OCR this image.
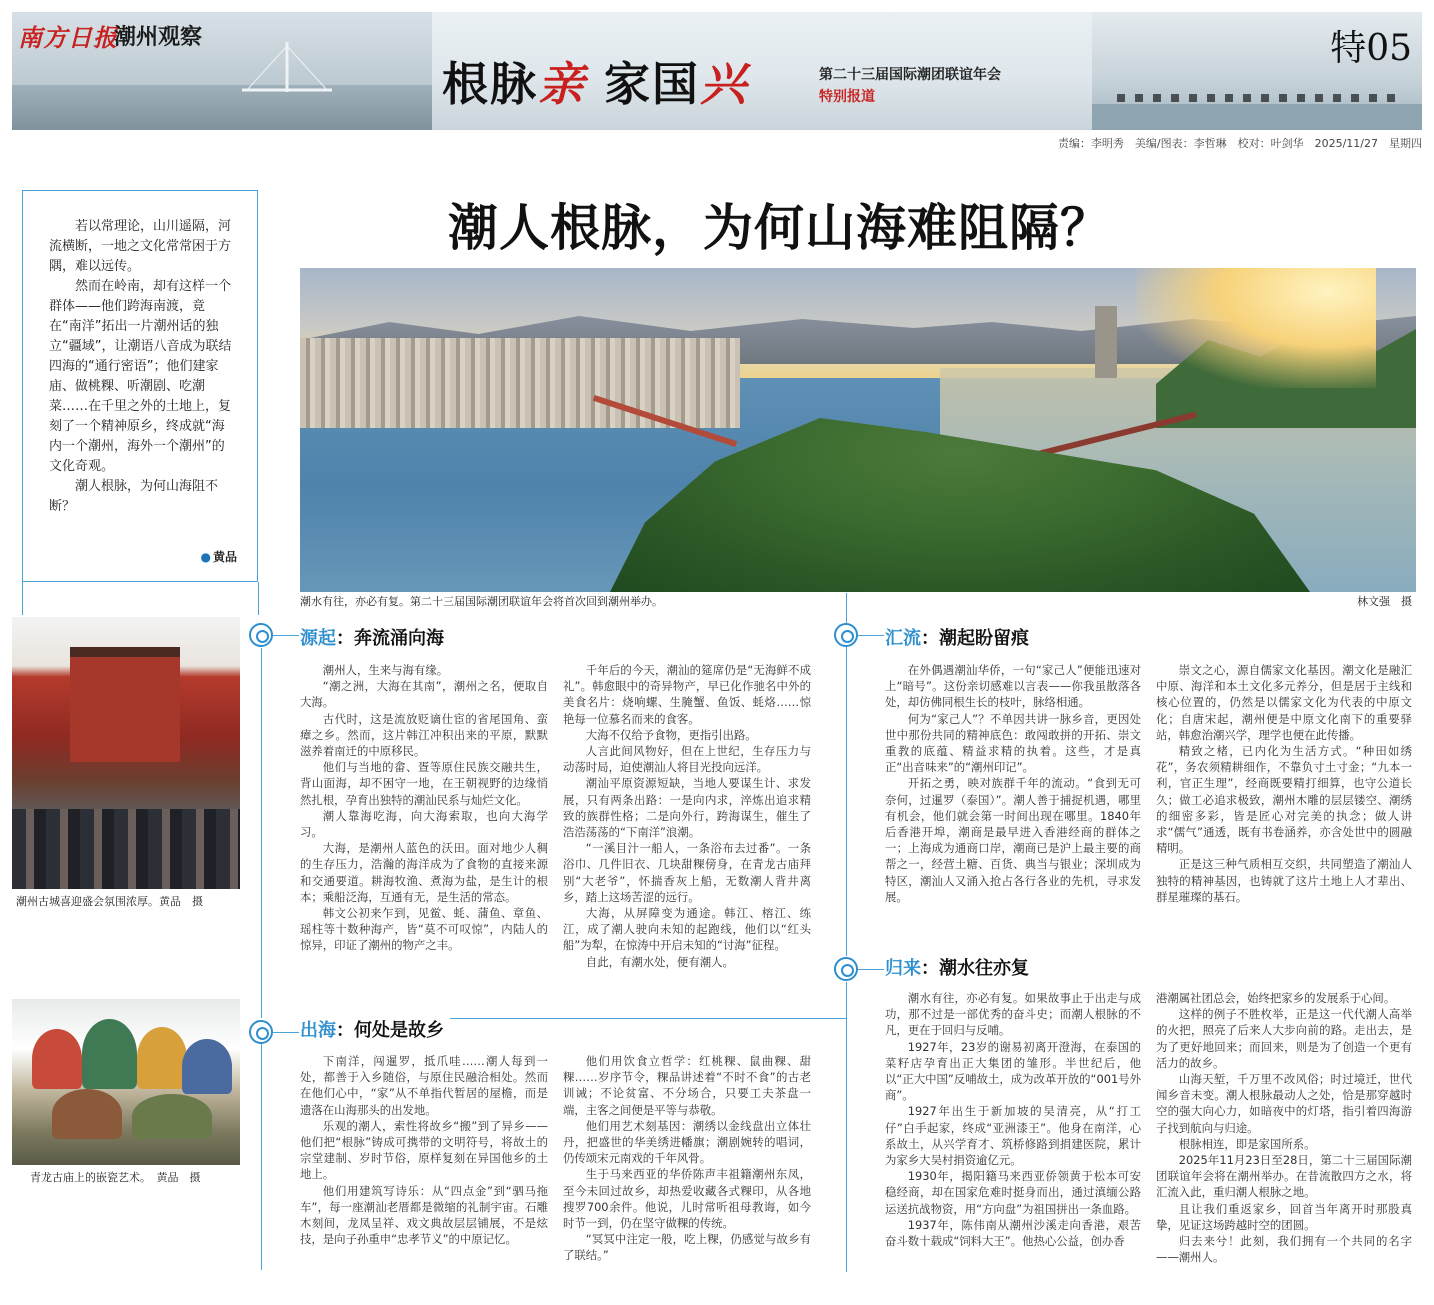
南方日报
潮州观察
根脉亲 家国兴	第二十三届国际潮团联谊年会
特别报道
特05
责编：李明秀　美编/图表：李哲琳　校对：叶剑华　2025/11/27　星期四

若以常理论，山川遥隔，河流横断，一地之文化常常困于方隅，难以远传。

然而在岭南，却有这样一个群体——他们跨海南渡，竟在“南洋”拓出一片潮州话的独立“疆域”，让潮语八音成为联结四海的“通行密语”；他们建家庙、做桃粿、听潮剧、吃潮菜……在千里之外的土地上，复刻了一个精神原乡，终成就“海内一个潮州，海外一个潮州”的文化奇观。

潮人根脉，为何山海阻不断？

● 黄品
潮州古城喜迎盛会氛围浓厚。黄品　摄
青龙古庙上的嵌瓷艺术。　黄品　摄
潮人根脉，为何山海难阻隔？
潮水有往，亦必有复。第二十三届国际潮团联谊年会将首次回到潮州举办。	林文强　摄
源起：奔流涌向海

潮州人，生来与海有缘。

“潮之洲，大海在其南”，潮州之名，便取自大海。

古代时，这是流放贬谪仕宦的省尾国角、蛮瘴之乡。然而，这片韩江冲积出来的平原，默默滋养着南迁的中原移民。

他们与当地的畲、疍等原住民族交融共生，背山面海，却不困守一地，在王朝视野的边缘悄然扎根，孕育出独特的潮汕民系与灿烂文化。

潮人靠海吃海，向大海索取，也向大海学习。

大海，是潮州人蓝色的沃田。面对地少人稠的生存压力，浩瀚的海洋成为了食物的直接来源和交通要道。耕海牧渔、煮海为盐，是生计的根本；乘船泛海，互通有无，是生活的常态。

韩文公初来乍到，见鲎、蚝、蒲鱼、章鱼、瑶柱等十数种海产，皆“莫不可叹惊”，内陆人的惊异，印证了潮州的物产之丰。

千年后的今天，潮汕的筵席仍是“无海鲜不成礼”。韩愈眼中的奇异物产，早已化作驰名中外的美食名片：烧响螺、生腌蟹、鱼饭、蚝烙……惊艳每一位慕名而来的食客。

大海不仅给予食物，更指引出路。

人言此间风物好，但在上世纪，生存压力与动荡时局，迫使潮汕人将目光投向远洋。

潮汕平原资源短缺，当地人要谋生计、求发展，只有两条出路：一是向内求，淬炼出追求精致的族群性格；二是向外行，跨海谋生，催生了浩浩荡荡的“下南洋”浪潮。

“一溪目汁一船人，一条浴布去过番”。一条浴巾、几件旧衣、几块甜粿傍身，在青龙古庙拜别“大老爷”，怀揣香灰上船，无数潮人背井离乡，踏上这场苦涩的远行。

大海，从屏障变为通途。韩江、榕江、练江，成了潮人驶向未知的起跑线，他们以“红头船”为犁，在惊涛中开启未知的“讨海”征程。

自此，有潮水处，便有潮人。

出海：何处是故乡

下南洋，闯暹罗，抵爪哇……潮人每到一处，都善于入乡随俗，与原住民融洽相处。然而在他们心中，“家”从不单指代暂居的屋檐，而是遗落在山海那头的出发地。

乐观的潮人，索性将故乡“搬”到了异乡——他们把“根脉”铸成可携带的文明符号，将故土的宗堂建制、岁时节俗，原样复刻在异国他乡的土地上。

他们用建筑写诗乐：从“四点金”到“驷马拖车”，每一座潮汕老厝都是微缩的礼制宇宙。石雕木刻间，龙凤呈祥、戏文典故层层铺展，不是炫技，是向子孙重申“忠孝节义”的中原记忆。

他们用饮食立哲学：红桃粿、鼠曲粿、甜粿……岁序节令，粿品讲述着“不时不食”的古老训诫；不论贫富、不分场合，只要工夫茶盘一端，主客之间便是平等与恭敬。

他们用艺术刻基因：潮绣以金线盘出立体壮丹，把盛世的华美绣进幡旗；潮剧婉转的唱词，仍传颂宋元南戏的千年风骨。

生于马来西亚的华侨陈声丰祖籍潮州东凤，至今未回过故乡，却热爱收藏各式粿印，从各地搜罗700余件。他说，儿时常听祖母教诲，如今时节一到，仍在坚守做粿的传统。

“冥冥中注定一般，吃上粿，仍感觉与故乡有了联结。”

汇流：潮起盼留痕

在外偶遇潮汕华侨，一句“家己人”便能迅速对上“暗号”。这份亲切感难以言表——你我虽散落各处，却仿佛同根生长的枝叶，脉络相通。

何为“家己人”？不单因共讲一脉乡音，更因处世中那份共同的精神底色：敢闯敢拼的开拓、崇文重教的底蕴、精益求精的执着。这些，才是真正“出音味来”的“潮州印记”。

开拓之勇，映对族群千年的流动。“食到无可奈何，过暹罗（泰国）”。潮人善于捕捉机遇，哪里有机会，他们就会第一时间出现在哪里。1840年后香港开埠，潮商是最早进入香港经商的群体之一；上海成为通商口岸，潮商已是沪上最主要的商帮之一，经营土糖、百货、典当与银业；深圳成为特区，潮汕人又涌入抢占各行各业的先机，寻求发展。

崇文之心，源自儒家文化基因。潮文化是融汇中原、海洋和本土文化多元养分，但是居于主线和核心位置的，仍然是以儒家文化为代表的中原文化；自唐宋起，潮州便是中原文化南下的重要驿站，韩愈治潮兴学，理学也便在此传播。

精致之楮，已内化为生活方式。“种田如绣花”，务农须精耕细作，不靠负寸土寸金；“九本一利，官正生理”，经商既要精打细算，也守公道长久；做工必追求极致，潮州木雕的层层镂空、潮绣的细密多彩，皆是匠心对完美的执念；做人讲求“儒气”通透，既有书卷涵养，亦含处世中的圆融精明。

正是这三种气质相互交织，共同塑造了潮汕人独特的精神基因，也铸就了这片土地上人才辈出、群星璀璨的基石。

归来：潮水往亦复

潮水有往，亦必有复。如果故事止于出走与成功，那不过是一部优秀的奋斗史；而潮人根脉的不凡，更在于回归与反哺。

1927年，23岁的谢易初离开澄海，在泰国的菜籽店孕育出正大集团的雏形。半世纪后，他以“正大中国”反哺故土，成为改革开放的“001号外商”。

1927年出生于新加坡的吴清亮，从“打工仔”白手起家，终成“亚洲漆王”。他身在南洋，心系故土，从兴学育才、筑桥修路到捐建医院，累计为家乡大吴村捐资逾亿元。

1930年，揭阳籍马来西亚侨领黄于松本可安稳经商，却在国家危难时挺身而出，通过滇缅公路运送抗战物资，用“方向盘”为祖国拼出一条血路。

1937年，陈伟南从潮州沙溪走向香港，艰苦奋斗数十载成“饲料大王”。他热心公益，创办香

港潮属社团总会，始终把家乡的发展系于心间。

这样的例子不胜枚举，正是这一代代潮人高举的火把，照亮了后来人大步向前的路。走出去，是为了更好地回来；而回来，则是为了创造一个更有活力的故乡。

山海天堑，千万里不改风俗；时过境迁，世代闻乡音未变。潮人根脉最动人之处，恰是那穿越时空的强大向心力，如暗夜中的灯塔，指引着四海游子找到航向与归途。

根脉相连，即是家国所系。

2025年11月23日至28日，第二十三届国际潮团联谊年会将在潮州举办。在昔流散四方之水，将汇流入此，重归潮人根脉之地。

且让我们重返家乡，回首当年离开时那股真挚，见证这场跨越时空的团圆。

归去来兮！此刻，我们拥有一个共同的名字——潮州人。
